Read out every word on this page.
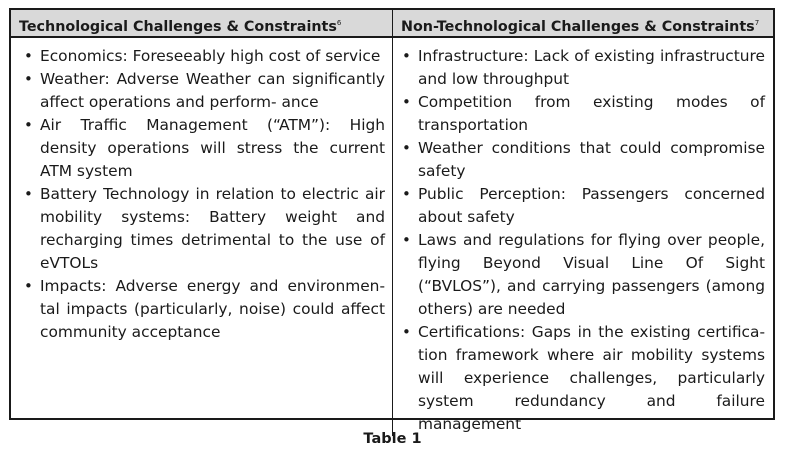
Technological Challenges & Constraints$^6$	Non-Technological Challenges & Constraints$^7$
• Economics: Foreseeably high cost of service
• Weather: Adverse Weather can significantly affect operations and perform- ance
• Air Traffic Management (“ATM”): High density operations will stress the current ATM system
• Battery Technology in relation to electric air mobility systems: Battery weight and recharging times detrimental to the use of eVTOLs
• Impacts: Adverse energy and environmen- tal impacts (particularly, noise) could affect community acceptance
• Infrastructure: Lack of existing infrastructure and low throughput
• Competition from existing modes of transportation
• Weather conditions that could compromise safety
• Public Perception: Passengers concerned about safety
• Laws and regulations for flying over people, flying Beyond Visual Line Of Sight (“BVLOS”), and carrying passengers (among others) are needed
• Certifications: Gaps in the existing certifica- tion framework where air mobility systems will experience challenges, particularly system	redundancy and failure management
Table 1
